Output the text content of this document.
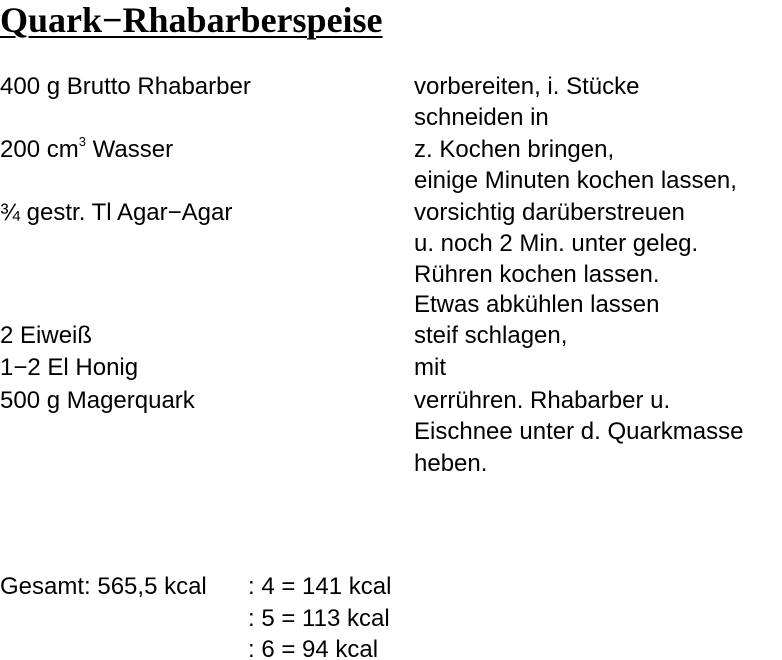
Quark−Rhabarberspeise
400 g Brutto Rhabarber
200 $cm^3$ Wasser
¾ gestr. Tl Agar−Agar
2 Eiweiß
1−2 El Honig
500 g Magerquark
vorbereiten, i. Stücke
schneiden in
z. Kochen bringen,
einige Minuten kochen lassen,
vorsichtig darüberstreuen
u. noch 2 Min. unter geleg.
Rühren kochen lassen.
Etwas abkühlen lassen
steif schlagen,
mit
verrühren. Rhabarber u.
Eischnee unter d. Quarkmasse
heben.
Gesamt: 565,5 kcal : 4 = 141 kcal
: 5 = 113 kcal
: 6 = 94 kcal
